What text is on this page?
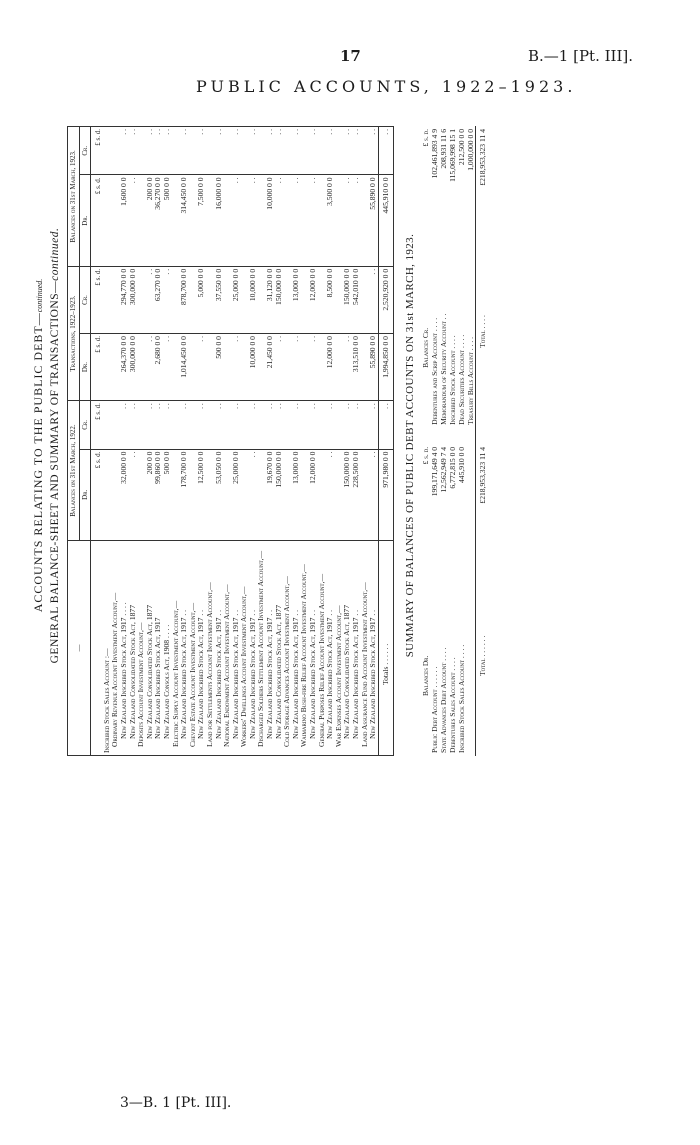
17	B.—1 [Pt. III].
PUBLIC ACCOUNTS, 1922–1923.

ACCOUNTS RELATING TO THE PUBLIC DEBT—continued. GENERAL BALANCE-SHEET AND SUMMARY OF TRANSACTIONS—continued.

—	Balances on 31st March, 1922.		Transactions, 1922–1923.		Balances on 31st March, 1923.	
	Dr.	Cr.	Dr.	Cr.	Dr.	Cr.
	£ s. d.	£ s. d.	£ s. d.	£ s. d.	£ s. d.	£ s. d.
Inscribed Stock Sales Account :—						
Ordinary Revenue Account Investment Account,—						
New Zealand Inscribed Stock Act, 1917 . . . .	32,000 0 0	. .	264,370 0 0	294,770 0 0	1,600 0 0	. .
New Zealand Consolidated Stock Act, 1877	. .	. .	300,000 0 0	300,000 0 0	. .	. .
Deposits Account Investment Account,—						
New Zealand Consolidated Stock Act, 1877	200 0 0	. .	. .	. .	200 0 0	. .
New Zealand Inscribed Stock Act, 1917	99,860 0 0	. .	2,680 0 0	63,270 0 0	36,270 0 0	. .
New Zealand Consols Act, 1908 . . . .	500 0 0	. .	. .	. .	500 0 0	. .
Electric Supply Account Investment Account,—						
New Zealand Inscribed Stock Act, 1917 . .	178,700 0 0	. .	1,014,450 0 0	878,700 0 0	314,450 0 0	. .
Cheviot Estate Account Investment Account,—						
New Zealand Inscribed Stock Act, 1917 . .	12,500 0 0	. .	. .	5,000 0 0	7,500 0 0	. .
Land for Settlements Account Investment Account,—						
New Zealand Inscribed Stock Act, 1917 . .	53,050 0 0	. .	500 0 0	37,550 0 0	16,000 0 0	. .
National Endowment Account Investment Account,—						
New Zealand Inscribed Stock Act, 1917 . .	25,000 0 0	. .	. .	25,000 0 0	. .	. .
Workers' Dwellings Account Investment Account,—						
New Zealand Inscribed Stock Act, 1917 . .	. .	. .	10,000 0 0	10,000 0 0	. .	. .
Discharged Soldiers Settlement Account Investment Account,—						
New Zealand Inscribed Stock Act, 1917 . .	19,670 0 0	. .	21,450 0 0	31,120 0 0	10,000 0 0	. .
New Zealand Consolidated Stock Act, 1877	150,000 0 0	. .	. .	150,000 0 0	. .	. .
Cold Storage Advances Account Investment Account,—						
New Zealand Inscribed Stock Act, 1917 . .	13,000 0 0	. .	. .	13,000 0 0	. .	. .
Waimarino Bush-fire Relief Account Investment Account,—						
New Zealand Inscribed Stock Act, 1917 . .	12,000 0 0	. .	. .	12,000 0 0	. .	. .
General Purposes Relief Account Investment Account,—						
New Zealand Inscribed Stock Act, 1917 . .	. .	. .	12,000 0 0	8,500 0 0	3,500 0 0	. .
War Expenses Account Investment Account,—						
New Zealand Consolidated Stock Act, 1877	150,000 0 0	. .	. .	150,000 0 0	. .	. .
New Zealand Inscribed Stock Act, 1917 . .	228,500 0 0	. .	313,510 0 0	542,010 0 0	. .	. .
Land Assurance Fund Account Investment Account,—						
New Zealand Inscribed Stock Act, 1917 . .	. .	. .	55,890 0 0	. .	55,890 0 0	. .
Totals . . . . . .	971,980 0 0	. .	1,994,850 0 0	2,520,920 0 0	445,910 0 0	. .
SUMMARY OF BALANCES OF PUBLIC DEBT ACCOUNTS ON 31st MARCH, 1923.
Balances Dr.	£ s. d.		Balances Cr.	£ s. d.
Public Debt Account . . . . . .	199,171,649 4 0		Debentures and Scrip Account . . . .	102,461,893 4 9
State Advances Debt Account . . . .	12,562,949 7 4		Memorandum of Security Account . .	208,931 11 6
Debentures Sales Account . . . .	6,772,815 0 0		Inscribed Stock Account . . . .	115,069,998 15 1
Inscribed Stock Sales Account . . . .	445,910 0 0		Dead Securities Account . . . .	212,500 0 0
			Treasury Bills Account . . . .	1,000,000 0 0
Total . . . . . .	£218,953,323 11 4		Total . . . .	£218,953,323 11 4
3—B. 1 [Pt. III].
